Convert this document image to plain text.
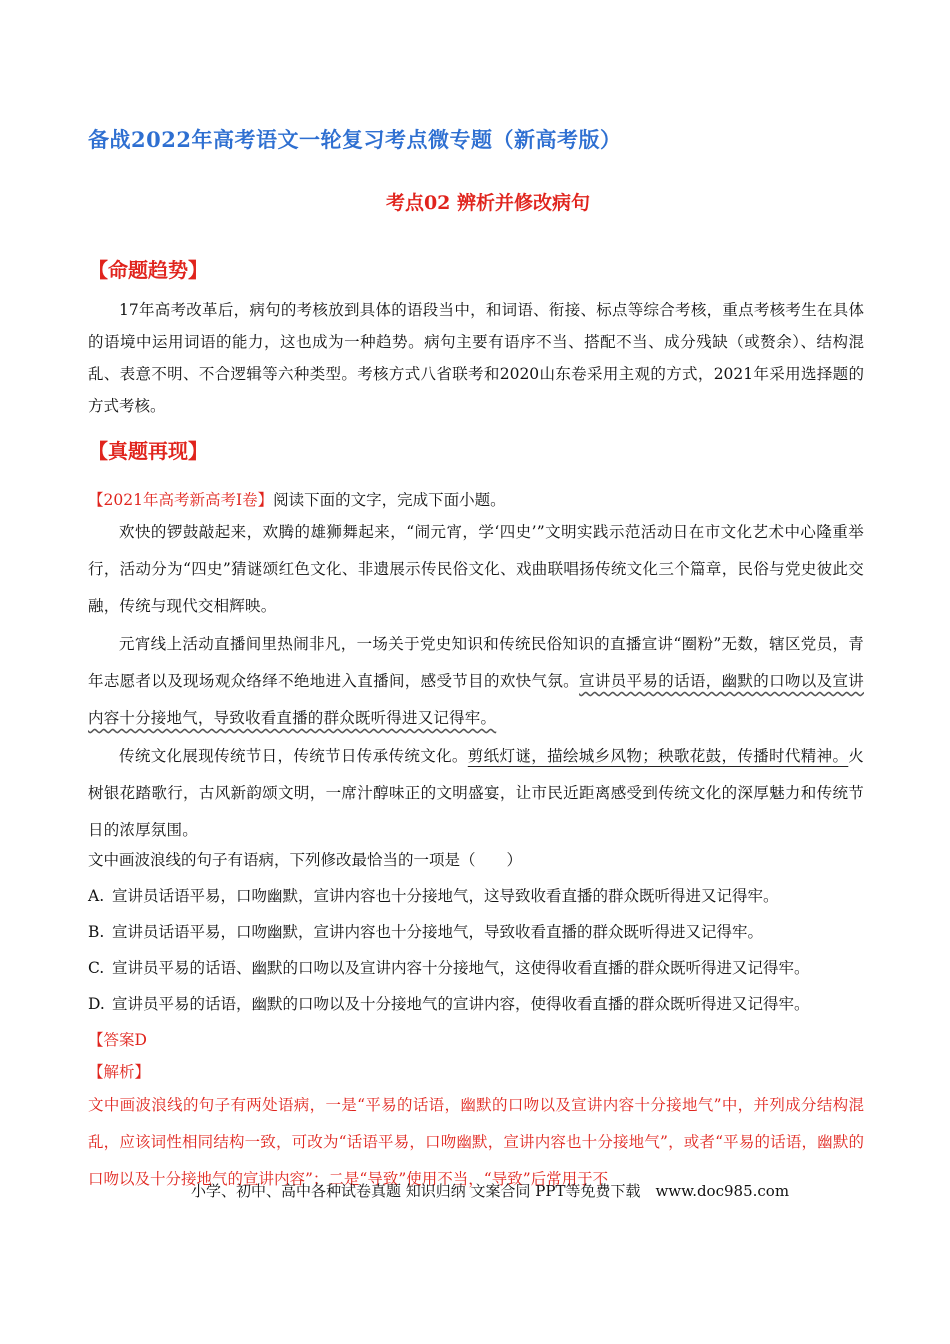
备战2022年高考语文一轮复习考点微专题（新高考版）
考点02 辨析并修改病句
【命题趋势】
17年高考改革后，病句的考核放到具体的语段当中，和词语、衔接、标点等综合考核，重点考核考生在具体的语境中运用词语的能力，这也成为一种趋势。病句主要有语序不当、搭配不当、成分残缺（或赘余）、结构混乱、表意不明、不合逻辑等六种类型。考核方式八省联考和2020山东卷采用主观的方式，2021年采用选择题的方式考核。
【真题再现】
【2021年高考新高考Ⅰ卷】阅读下面的文字，完成下面小题。
欢快的锣鼓敲起来，欢腾的雄狮舞起来，“闹元宵，学‘四史’”文明实践示范活动日在市文化艺术中心隆重举行，活动分为“四史”猜谜颂红色文化、非遗展示传民俗文化、戏曲联唱扬传统文化三个篇章，民俗与党史彼此交融，传统与现代交相辉映。
元宵线上活动直播间里热闹非凡，一场关于党史知识和传统民俗知识的直播宣讲“圈粉”无数，辖区党员，青年志愿者以及现场观众络绎不绝地进入直播间，感受节目的欢快气氛。宣讲员平易的话语，幽默的口吻以及宣讲内容十分接地气，导致收看直播的群众既听得进又记得牢。
传统文化展现传统节日，传统节日传承传统文化。剪纸灯谜，描绘城乡风物；秧歌花鼓，传播时代精神。火树银花踏歌行，古风新韵颂文明，一席汁醇味正的文明盛宴，让市民近距离感受到传统文化的深厚魅力和传统节日的浓厚氛围。
文中画波浪线的句子有语病，下列修改最恰当的一项是（　　）
A. 宣讲员话语平易，口吻幽默，宣讲内容也十分接地气，这导致收看直播的群众既听得进又记得牢。
B. 宣讲员话语平易，口吻幽默，宣讲内容也十分接地气，导致收看直播的群众既听得进又记得牢。
C. 宣讲员平易的话语、幽默的口吻以及宣讲内容十分接地气，这使得收看直播的群众既听得进又记得牢。
D. 宣讲员平易的话语，幽默的口吻以及十分接地气的宣讲内容，使得收看直播的群众既听得进又记得牢。
【答案D
【解析】
文中画波浪线的句子有两处语病，一是“平易的话语，幽默的口吻以及宣讲内容十分接地气”中，并列成分结构混乱，应该词性相同结构一致，可改为“话语平易，口吻幽默，宣讲内容也十分接地气”，或者“平易的话语，幽默的口吻以及十分接地气的宣讲内容”；二是“导致”使用不当，“导致”后常用于不
小学、初中、高中各种试卷真题 知识归纳 文案合同 PPT等免费下载　www.doc985.com
